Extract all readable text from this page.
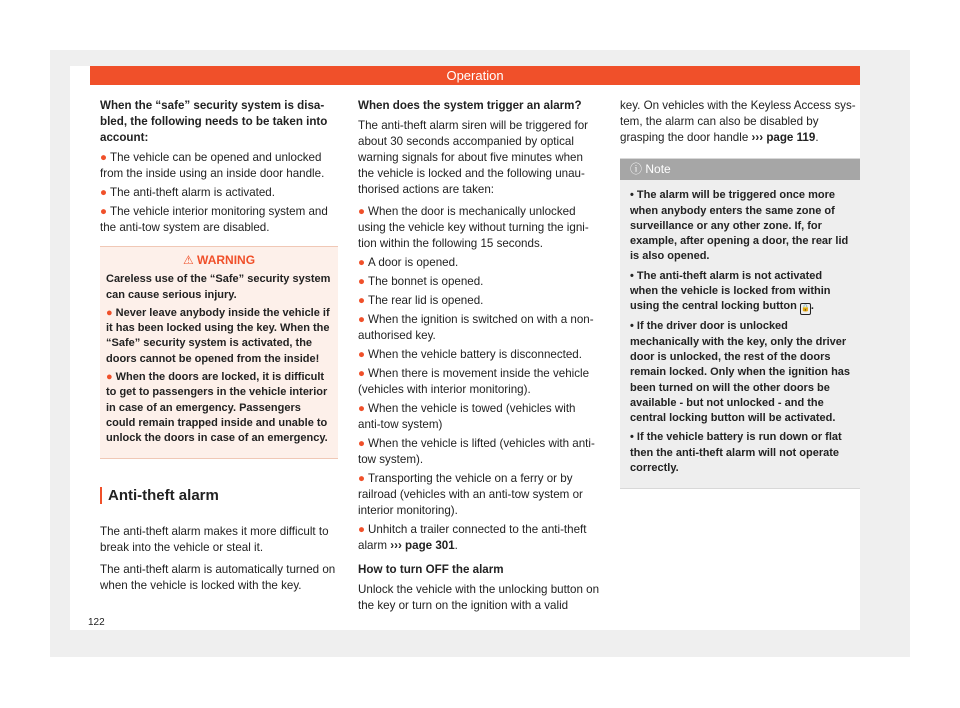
Operation

When the “safe” security system is disabled, the following needs to be taken into account:

● The vehicle can be opened and unlocked from the inside using an inside door handle.

● The anti-theft alarm is activated.

● The vehicle interior monitoring system and the anti-tow system are disabled.

⚠ WARNING

Careless use of the “Safe” security system can cause serious injury.

● Never leave anybody inside the vehicle if it has been locked using the key. When the “Safe” security system is activated, the doors cannot be opened from the inside!

● When the doors are locked, it is difficult to get to passengers in the vehicle interior in case of an emergency. Passengers could remain trapped inside and unable to unlock the doors in case of an emergency.

Anti-theft alarm

The anti-theft alarm makes it more difficult to break into the vehicle or steal it.

The anti-theft alarm is automatically turned on when the vehicle is locked with the key.

When does the system trigger an alarm?

The anti-theft alarm siren will be triggered for about 30 seconds accompanied by optical warning signals for about five minutes when the vehicle is locked and the following unauthorised actions are taken:

● When the door is mechanically unlocked using the vehicle key without turning the ignition within the following 15 seconds.

● A door is opened.

● The bonnet is opened.

● The rear lid is opened.

● When the ignition is switched on with a non-authorised key.

● When the vehicle battery is disconnected.

● When there is movement inside the vehicle (vehicles with interior monitoring).

● When the vehicle is towed (vehicles with anti-tow system)

● When the vehicle is lifted (vehicles with anti-tow system).

● Transporting the vehicle on a ferry or by railroad (vehicles with an anti-tow system or interior monitoring).

● Unhitch a trailer connected to the anti-theft alarm ››› page 301.

How to turn OFF the alarm

Unlock the vehicle with the unlocking button on the key or turn on the ignition with a valid

key. On vehicles with the Keyless Access system, the alarm can also be disabled by grasping the door handle ››› page 119.

ⓘ Note

• The alarm will be triggered once more when anybody enters the same zone of surveillance or any other zone. If, for example, after opening a door, the rear lid is also opened.

• The anti-theft alarm is not activated when the vehicle is locked from within using the central locking button 🔒.

• If the driver door is unlocked mechanically with the key, only the driver door is unlocked, the rest of the doors remain locked. Only when the ignition has been turned on will the other doors be available - but not unlocked - and the central locking button will be activated.

• If the vehicle battery is run down or flat then the anti-theft alarm will not operate correctly.

122
